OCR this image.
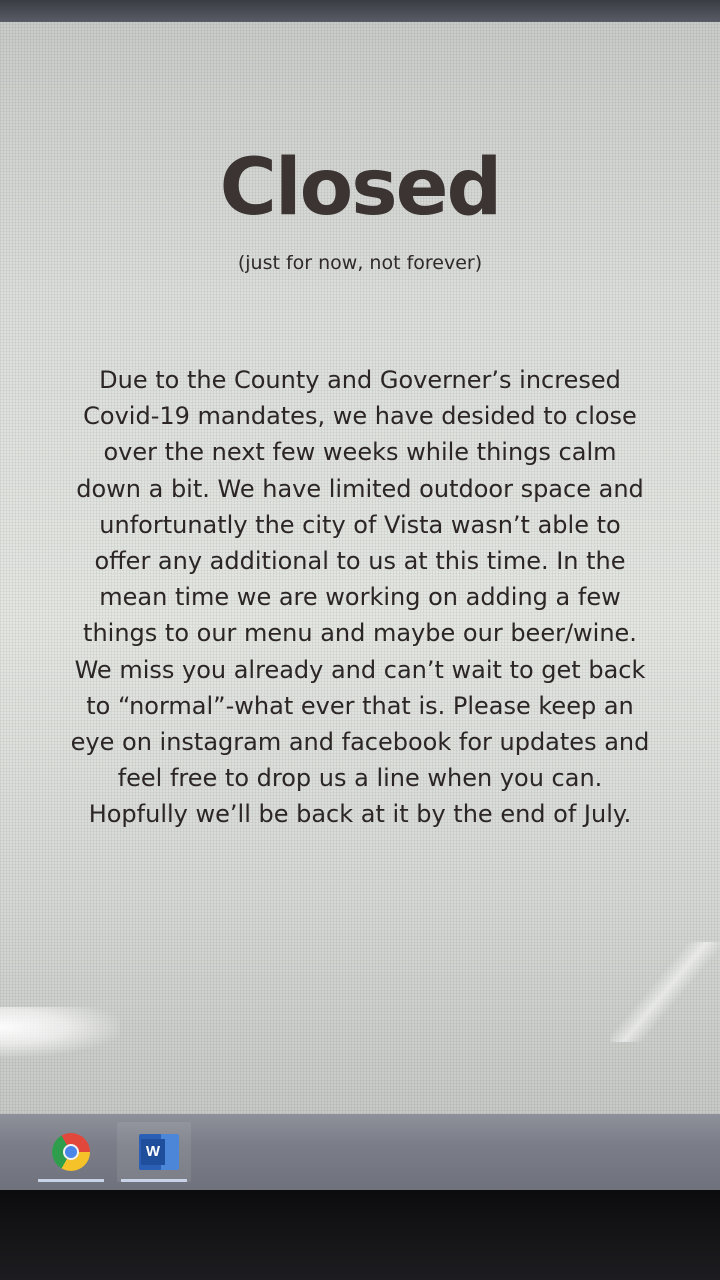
Closed
(just for now, not forever)
Due to the County and Governer’s incresed
Covid-19 mandates, we have desided to close
over the next few weeks while things calm
down a bit. We have limited outdoor space and
unfortunatly the city of Vista wasn’t able to
offer any additional to us at this time. In the
mean time we are working on adding a few
things to our menu and maybe our beer/wine.
We miss you already and can’t wait to get back
to “normal”-what ever that is. Please keep an
eye on instagram and facebook for updates and
feel free to drop us a line when you can.
Hopfully we’ll be back at it by the end of July.
W
